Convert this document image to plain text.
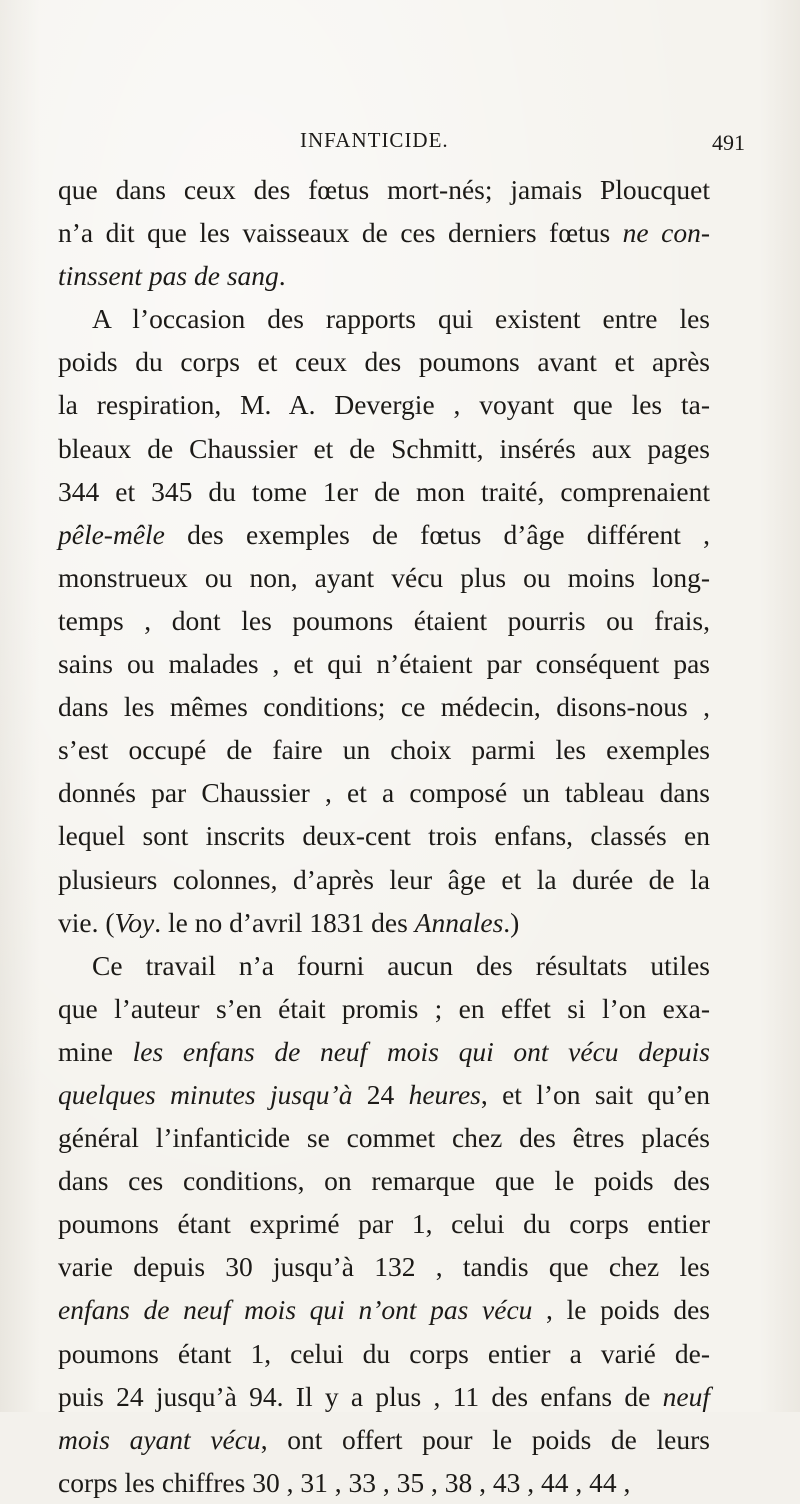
INFANTICIDE.	491
que dans ceux des fœtus mort-nés; jamais Ploucquet
n’a dit que les vaisseaux de ces derniers fœtus ne con-
tinssent pas de sang.
A l’occasion des rapports qui existent entre les
poids du corps et ceux des poumons avant et après
la respiration, M. A. Devergie , voyant que les ta-
bleaux de Chaussier et de Schmitt, insérés aux pages
344 et 345 du tome 1er de mon traité, comprenaient
pêle-mêle des exemples de fœtus d’âge différent ,
monstrueux ou non, ayant vécu plus ou moins long-
temps , dont les poumons étaient pourris ou frais,
sains ou malades , et qui n’étaient par conséquent pas
dans les mêmes conditions; ce médecin, disons-nous ,
s’est occupé de faire un choix parmi les exemples
donnés par Chaussier , et a composé un tableau dans
lequel sont inscrits deux-cent trois enfans, classés en
plusieurs colonnes, d’après leur âge et la durée de la
vie. (Voy. le no d’avril 1831 des Annales.)
Ce travail n’a fourni aucun des résultats utiles
que l’auteur s’en était promis ; en effet si l’on exa-
mine les enfans de neuf mois qui ont vécu depuis
quelques minutes jusqu’à 24 heures, et l’on sait qu’en
général l’infanticide se commet chez des êtres placés
dans ces conditions, on remarque que le poids des
poumons étant exprimé par 1, celui du corps entier
varie depuis 30 jusqu’à 132 , tandis que chez les
enfans de neuf mois qui n’ont pas vécu , le poids des
poumons étant 1, celui du corps entier a varié de-
puis 24 jusqu’à 94. Il y a plus , 11 des enfans de neuf
mois ayant vécu, ont offert pour le poids de leurs
corps les chiffres 30 , 31 , 33 , 35 , 38 , 43 , 44 , 44 ,
